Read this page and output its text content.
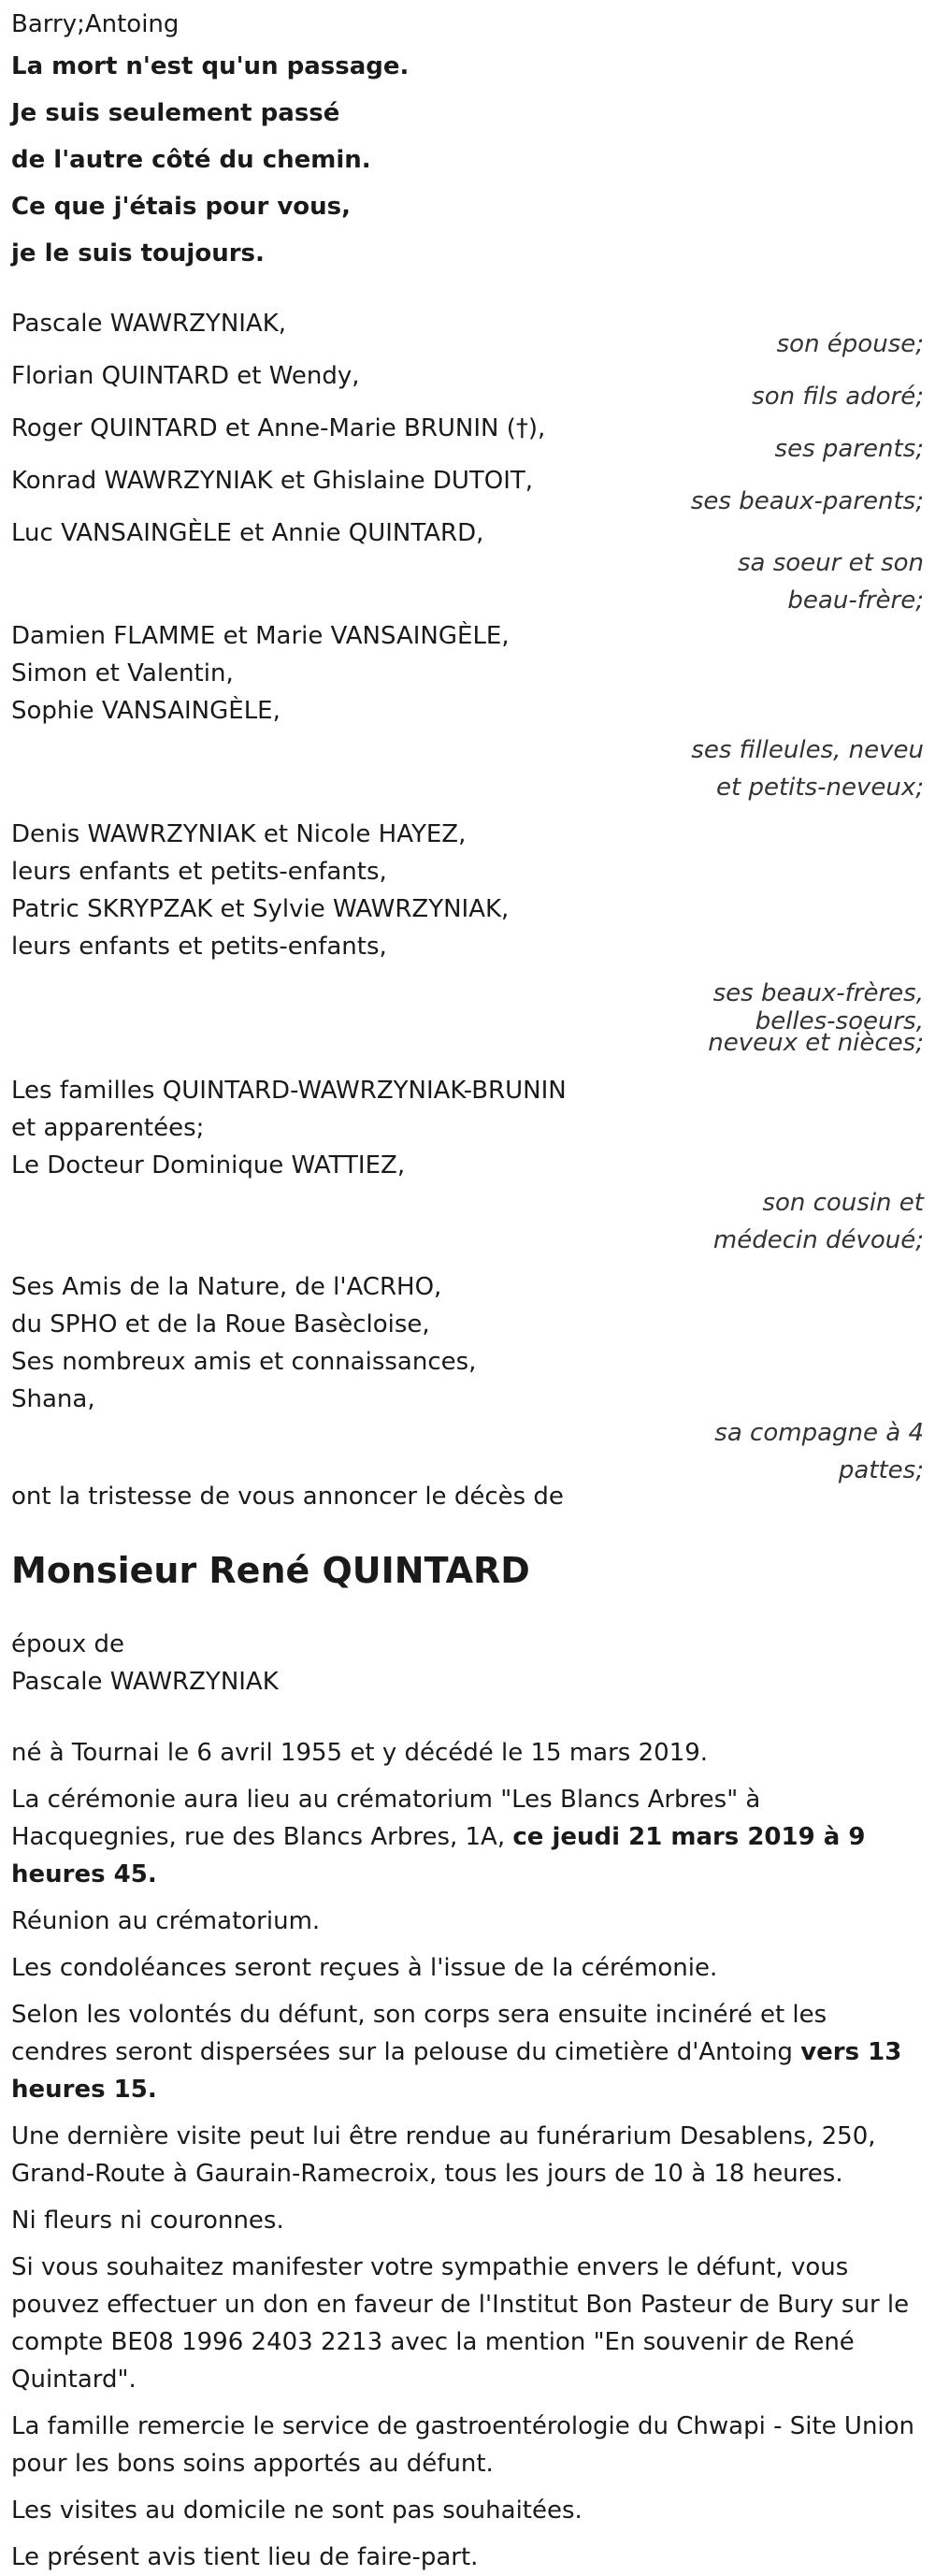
Barry;Antoing
La mort n'est qu'un passage.
Je suis seulement passé
de l'autre côté du chemin.
Ce que j'étais pour vous,
je le suis toujours.
Pascale WAWRZYNIAK,
son épouse;
Florian QUINTARD et Wendy,
son fils adoré;
Roger QUINTARD et Anne-Marie BRUNIN (†),
ses parents;
Konrad WAWRZYNIAK et Ghislaine DUTOIT,
ses beaux-parents;
Luc VANSAINGÈLE et Annie QUINTARD,
sa soeur et son
beau-frère;
Damien FLAMME et Marie VANSAINGÈLE,
Simon et Valentin,
Sophie VANSAINGÈLE,
ses filleules, neveu
et petits-neveux;
Denis WAWRZYNIAK et Nicole HAYEZ,
leurs enfants et petits-enfants,
Patric SKRYPZAK et Sylvie WAWRZYNIAK,
leurs enfants et petits-enfants,
ses beaux-frères,
belles-soeurs,
neveux et nièces;
Les familles QUINTARD-WAWRZYNIAK-BRUNIN
et apparentées;
Le Docteur Dominique WATTIEZ,
son cousin et
médecin dévoué;
Ses Amis de la Nature, de l'ACRHO,
du SPHO et de la Roue Basècloise,
Ses nombreux amis et connaissances,
Shana,
sa compagne à 4
pattes;
ont la tristesse de vous annoncer le décès de
Monsieur René QUINTARD
époux de
Pascale WAWRZYNIAK
né à Tournai le 6 avril 1955 et y décédé le 15 mars 2019.
La cérémonie aura lieu au crématorium "Les Blancs Arbres" à Hacquegnies, rue des Blancs Arbres, 1A, ce jeudi 21 mars 2019 à 9 heures 45.
Réunion au crématorium.
Les condoléances seront reçues à l'issue de la cérémonie.
Selon les volontés du défunt, son corps sera ensuite incinéré et les cendres seront dispersées sur la pelouse du cimetière d'Antoing vers 13 heures 15.
Une dernière visite peut lui être rendue au funérarium Desablens, 250, Grand-Route à Gaurain-Ramecroix, tous les jours de 10 à 18 heures.
Ni fleurs ni couronnes.
Si vous souhaitez manifester votre sympathie envers le défunt, vous pouvez effectuer un don en faveur de l'Institut Bon Pasteur de Bury sur le compte BE08 1996 2403 2213 avec la mention "En souvenir de René Quintard".
La famille remercie le service de gastroentérologie du Chwapi - Site Union pour les bons soins apportés au défunt.
Les visites au domicile ne sont pas souhaitées.
Le présent avis tient lieu de faire-part.
